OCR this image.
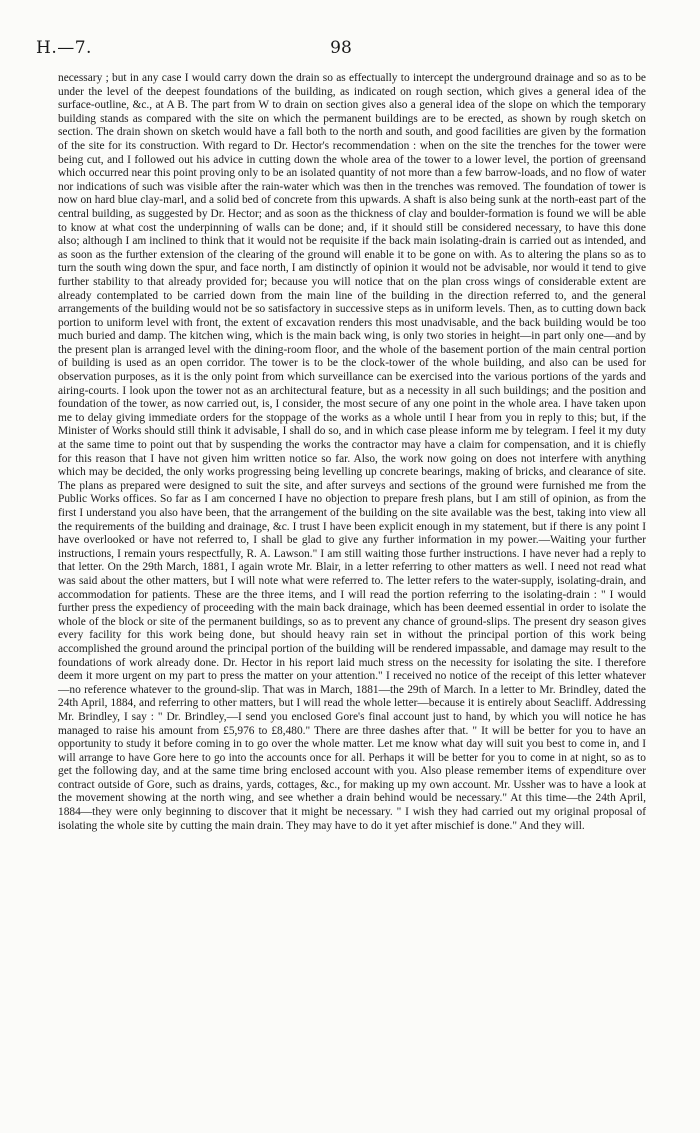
H.—7.	98

necessary ; but in any case I would carry down the drain so as effectually to intercept the underground drainage and so as to be under the level of the deepest foundations of the building, as indicated on rough section, which gives a general idea of the surface-outline, &c., at A B. The part from W to drain on section gives also a general idea of the slope on which the temporary building stands as compared with the site on which the permanent buildings are to be erected, as shown by rough sketch on section. The drain shown on sketch would have a fall both to the north and south, and good facilities are given by the formation of the site for its construction. With regard to Dr. Hector's recommendation : when on the site the trenches for the tower were being cut, and I followed out his advice in cutting down the whole area of the tower to a lower level, the portion of greensand which occurred near this point proving only to be an isolated quantity of not more than a few barrow-loads, and no flow of water nor indications of such was visible after the rain-water which was then in the trenches was removed. The foundation of tower is now on hard blue clay-marl, and a solid bed of concrete from this upwards. A shaft is also being sunk at the north-east part of the central building, as suggested by Dr. Hector; and as soon as the thickness of clay and boulder-formation is found we will be able to know at what cost the underpinning of walls can be done; and, if it should still be considered necessary, to have this done also; although I am inclined to think that it would not be requisite if the back main isolating-drain is carried out as intended, and as soon as the further extension of the clearing of the ground will enable it to be gone on with. As to altering the plans so as to turn the south wing down the spur, and face north, I am distinctly of opinion it would not be advisable, nor would it tend to give further stability to that already provided for; because you will notice that on the plan cross wings of considerable extent are already contemplated to be carried down from the main line of the building in the direction referred to, and the general arrangements of the building would not be so satisfactory in successive steps as in uniform levels. Then, as to cutting down back portion to uniform level with front, the extent of excavation renders this most unadvisable, and the back building would be too much buried and damp. The kitchen wing, which is the main back wing, is only two stories in height—in part only one—and by the present plan is arranged level with the dining-room floor, and the whole of the basement portion of the main central portion of building is used as an open corridor. The tower is to be the clock-tower of the whole building, and also can be used for observation purposes, as it is the only point from which surveillance can be exercised into the various portions of the yards and airing-courts. I look upon the tower not as an architectural feature, but as a necessity in all such buildings; and the position and foundation of the tower, as now carried out, is, I consider, the most secure of any one point in the whole area. I have taken upon me to delay giving immediate orders for the stoppage of the works as a whole until I hear from you in reply to this; but, if the Minister of Works should still think it advisable, I shall do so, and in which case please inform me by telegram. I feel it my duty at the same time to point out that by suspending the works the contractor may have a claim for compensation, and it is chiefly for this reason that I have not given him written notice so far. Also, the work now going on does not interfere with anything which may be decided, the only works progressing being levelling up concrete bearings, making of bricks, and clearance of site. The plans as prepared were designed to suit the site, and after surveys and sections of the ground were furnished me from the Public Works offices. So far as I am concerned I have no objection to prepare fresh plans, but I am still of opinion, as from the first I understand you also have been, that the arrangement of the building on the site available was the best, taking into view all the requirements of the building and drainage, &c. I trust I have been explicit enough in my statement, but if there is any point I have overlooked or have not referred to, I shall be glad to give any further information in my power.—Waiting your further instructions, I remain yours respectfully, R. A. Lawson." I am still waiting those further instructions. I have never had a reply to that letter. On the 29th March, 1881, I again wrote Mr. Blair, in a letter referring to other matters as well. I need not read what was said about the other matters, but I will note what were referred to. The letter refers to the water-supply, isolating-drain, and accommodation for patients. These are the three items, and I will read the portion referring to the isolating-drain : " I would further press the expediency of proceeding with the main back drainage, which has been deemed essential in order to isolate the whole of the block or site of the permanent buildings, so as to prevent any chance of ground-slips. The present dry season gives every facility for this work being done, but should heavy rain set in without the principal portion of this work being accomplished the ground around the principal portion of the building will be rendered impassable, and damage may result to the foundations of work already done. Dr. Hector in his report laid much stress on the necessity for isolating the site. I therefore deem it more urgent on my part to press the matter on your attention." I received no notice of the receipt of this letter whatever—no reference whatever to the ground-slip. That was in March, 1881—the 29th of March. In a letter to Mr. Brindley, dated the 24th April, 1884, and referring to other matters, but I will read the whole letter—because it is entirely about Seacliff. Addressing Mr. Brindley, I say : " Dr. Brindley,—I send you enclosed Gore's final account just to hand, by which you will notice he has managed to raise his amount from £5,976 to £8,480." There are three dashes after that. " It will be better for you to have an opportunity to study it before coming in to go over the whole matter. Let me know what day will suit you best to come in, and I will arrange to have Gore here to go into the accounts once for all. Perhaps it will be better for you to come in at night, so as to get the following day, and at the same time bring enclosed account with you. Also please remember items of expenditure over contract outside of Gore, such as drains, yards, cottages, &c., for making up my own account. Mr. Ussher was to have a look at the movement showing at the north wing, and see whether a drain behind would be necessary." At this time—the 24th April, 1884—they were only beginning to discover that it might be necessary. " I wish they had carried out my original proposal of isolating the whole site by cutting the main drain. They may have to do it yet after mischief is done." And they will.
